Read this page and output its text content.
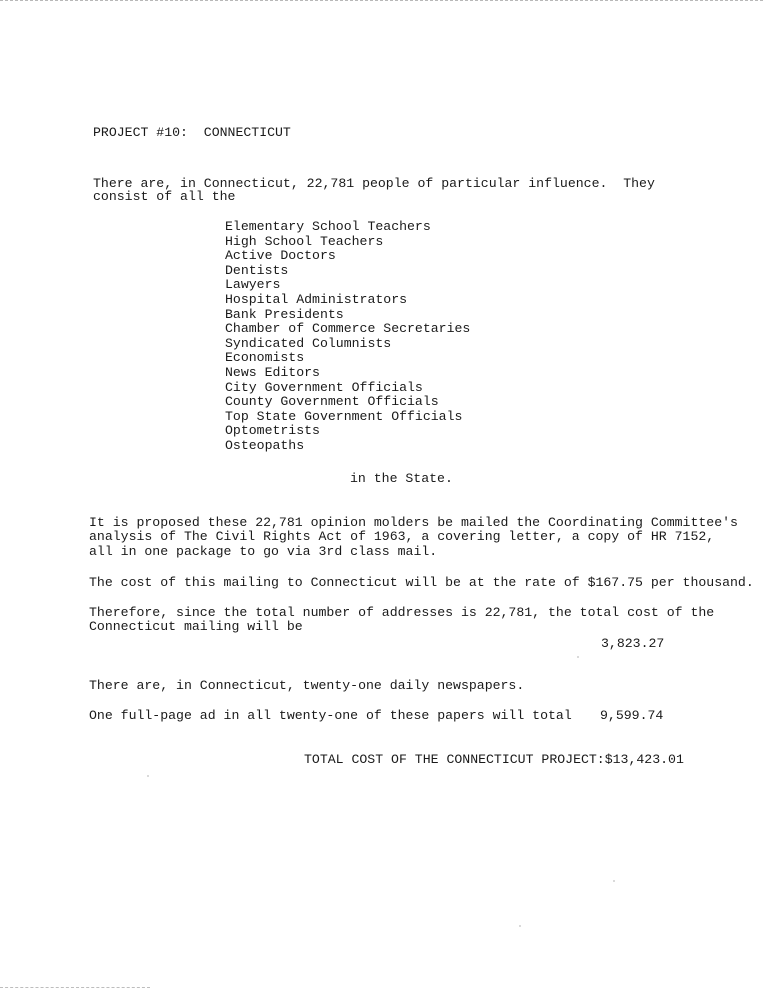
PROJECT #10:  CONNECTICUT
There are, in Connecticut, 22,781 people of particular influence.  They
consist of all the
Elementary School Teachers
High School Teachers
Active Doctors
Dentists
Lawyers
Hospital Administrators
Bank Presidents
Chamber of Commerce Secretaries
Syndicated Columnists
Economists
News Editors
City Government Officials
County Government Officials
Top State Government Officials
Optometrists
Osteopaths
in the State.
It is proposed these 22,781 opinion molders be mailed the Coordinating Committee's
analysis of The Civil Rights Act of 1963, a covering letter, a copy of HR 7152,
all in one package to go via 3rd class mail.
The cost of this mailing to Connecticut will be at the rate of $167.75 per thousand.
Therefore, since the total number of addresses is 22,781, the total cost of the
Connecticut mailing will be
3,823.27
There are, in Connecticut, twenty-one daily newspapers.
One full-page ad in all twenty-one of these papers will total 9,599.74
TOTAL COST OF THE CONNECTICUT PROJECT:$13,423.01
